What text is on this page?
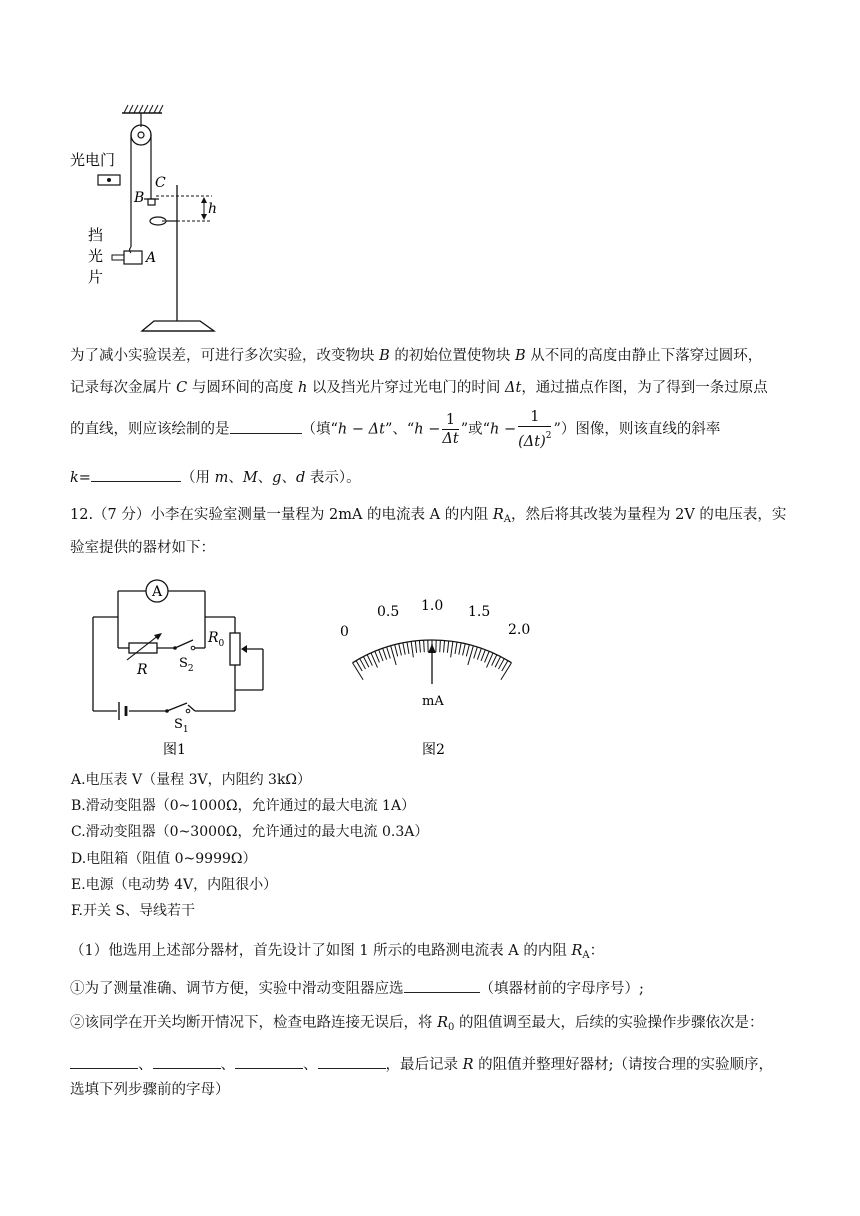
光电门
C
B
h
挡
光
片
A
为了减小实验误差，可进行多次实验，改变物块 B 的初始位置使物块 B 从不同的高度由静止下落穿过圆环，
记录每次金属片 C 与圆环间的高度 h 以及挡光片穿过光电门的时间 Δt，通过描点作图，为了得到一条过原点
的直线，则应该绘制的是	（填“h − Δt”、“$h - \frac{1}{\Delta t}$ ”或“$h - \frac{1}{(\Delta t)^2}$ ”）图像，则该直线的斜率
k=	（用 m、M、g、d 表示）。
12.（7 分）小李在实验室测量一量程为 2mA 的电流表 A 的内阻 $R_A$，然后将其改装为量程为 2V 的电压表，实
验室提供的器材如下：
A
R $S_2$
$R_0$
$S_1$
图1
0
0.5 1.0 1.5
2.0
mA
图2
A.电压表 V（量程 3V，内阻约 3kΩ）
B.滑动变阻器（0~1000Ω，允许通过的最大电流 1A）
C.滑动变阻器（0~3000Ω，允许通过的最大电流 0.3A）
D.电阻箱（阻值 0~9999Ω）
E.电源（电动势 4V，内阻很小）
F.开关 S、导线若干
（1）他选用上述部分器材，首先设计了如图 1 所示的电路测电流表 A 的内阻 $R_A$：
①为了测量准确、调节方便，实验中滑动变阻器应选	（填器材前的字母序号）;
②该同学在开关均断开情况下，检查电路连接无误后，将 $R_0$ 的阻值调至最大，后续的实验操作步骤依次是：
、	、	、	，最后记录 R 的阻值并整理好器材;（请按合理的实验顺序，
选填下列步骤前的字母）
